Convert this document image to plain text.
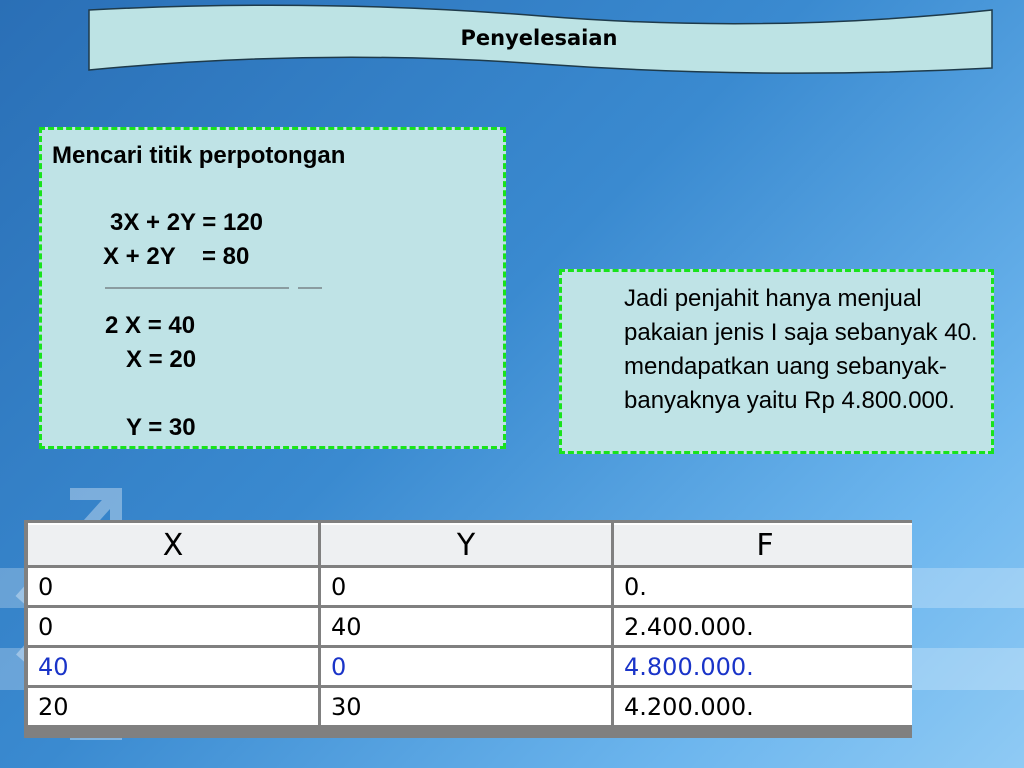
Penyelesaian
Mencari titik perpotongan
3X + 2Y = 120
X + 2Y    = 80
2 X = 40
X = 20
Y = 30
Jadi penjahit hanya menjual pakaian jenis I saja sebanyak 40. mendapatkan uang sebanyak-banyaknya yaitu Rp 4.800.000.
X	Y	F
0	0	0.
0	40	2.400.000.
40	0	4.800.000.
20	30	4.200.000.
